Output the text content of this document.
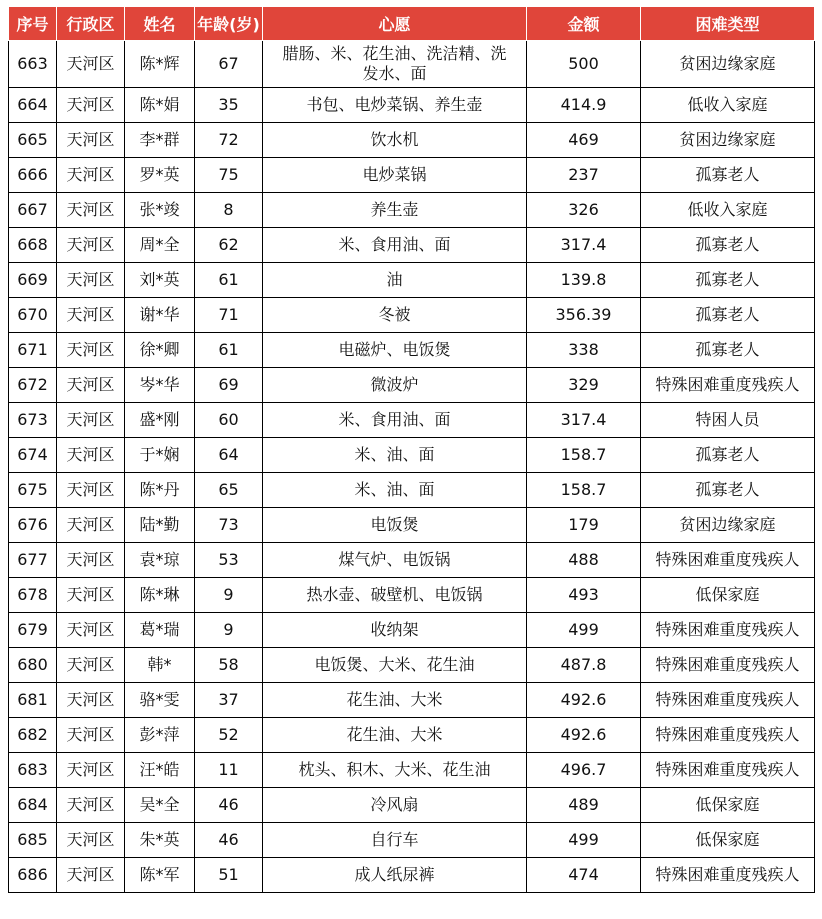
序号	行政区	姓名	年龄(岁)	心愿	金额	困难类型
663	天河区	陈*辉	67	腊肠、米、花生油、洗洁精、洗发水、面	500	贫困边缘家庭
664	天河区	陈*娟	35	书包、电炒菜锅、养生壶	414.9	低收入家庭
665	天河区	李*群	72	饮水机	469	贫困边缘家庭
666	天河区	罗*英	75	电炒菜锅	237	孤寡老人
667	天河区	张*竣	8	养生壶	326	低收入家庭
668	天河区	周*全	62	米、食用油、面	317.4	孤寡老人
669	天河区	刘*英	61	油	139.8	孤寡老人
670	天河区	谢*华	71	冬被	356.39	孤寡老人
671	天河区	徐*卿	61	电磁炉、电饭煲	338	孤寡老人
672	天河区	岑*华	69	微波炉	329	特殊困难重度残疾人
673	天河区	盛*刚	60	米、食用油、面	317.4	特困人员
674	天河区	于*娴	64	米、油、面	158.7	孤寡老人
675	天河区	陈*丹	65	米、油、面	158.7	孤寡老人
676	天河区	陆*勤	73	电饭煲	179	贫困边缘家庭
677	天河区	袁*琼	53	煤气炉、电饭锅	488	特殊困难重度残疾人
678	天河区	陈*琳	9	热水壶、破壁机、电饭锅	493	低保家庭
679	天河区	葛*瑞	9	收纳架	499	特殊困难重度残疾人
680	天河区	韩*	58	电饭煲、大米、花生油	487.8	特殊困难重度残疾人
681	天河区	骆*雯	37	花生油、大米	492.6	特殊困难重度残疾人
682	天河区	彭*萍	52	花生油、大米	492.6	特殊困难重度残疾人
683	天河区	汪*皓	11	枕头、积木、大米、花生油	496.7	特殊困难重度残疾人
684	天河区	吴*全	46	冷风扇	489	低保家庭
685	天河区	朱*英	46	自行车	499	低保家庭
686	天河区	陈*军	51	成人纸尿裤	474	特殊困难重度残疾人
